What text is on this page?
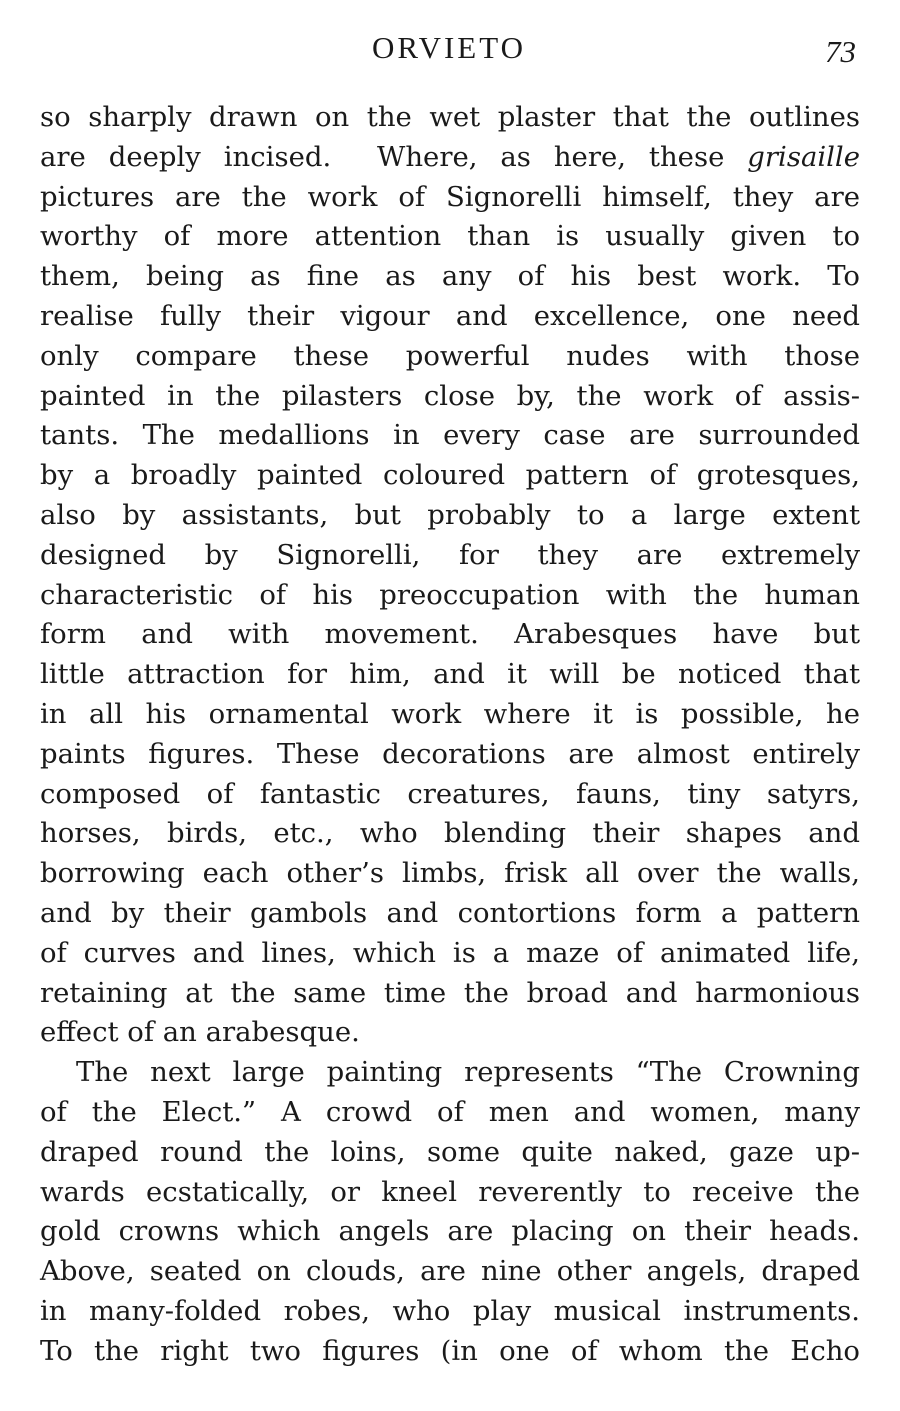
ORVIETO	73
so sharply drawn on the wet plaster that the outlines
are deeply incised.  Where, as here, these grisaille
pictures are the work of Signorelli himself, they are
worthy of more attention than is usually given to
them, being as fine as any of his best work. To
realise fully their vigour and excellence, one need
only compare these powerful nudes with those
painted in the pilasters close by, the work of assis-
tants. The medallions in every case are surrounded
by a broadly painted coloured pattern of grotesques,
also by assistants, but probably to a large extent
designed by Signorelli, for they are extremely
characteristic of his preoccupation with the human
form and with movement. Arabesques have but
little attraction for him, and it will be noticed that
in all his ornamental work where it is possible, he
paints figures. These decorations are almost entirely
composed of fantastic creatures, fauns, tiny satyrs,
horses, birds, etc., who blending their shapes and
borrowing each other’s limbs, frisk all over the walls,
and by their gambols and contortions form a pattern
of curves and lines, which is a maze of animated life,
retaining at the same time the broad and harmonious
effect of an arabesque.
The next large painting represents “The Crowning
of the Elect.” A crowd of men and women, many
draped round the loins, some quite naked, gaze up-
wards ecstatically, or kneel reverently to receive the
gold crowns which angels are placing on their heads.
Above, seated on clouds, are nine other angels, draped
in many-folded robes, who play musical instruments.
To the right two figures (in one of whom the Echo
